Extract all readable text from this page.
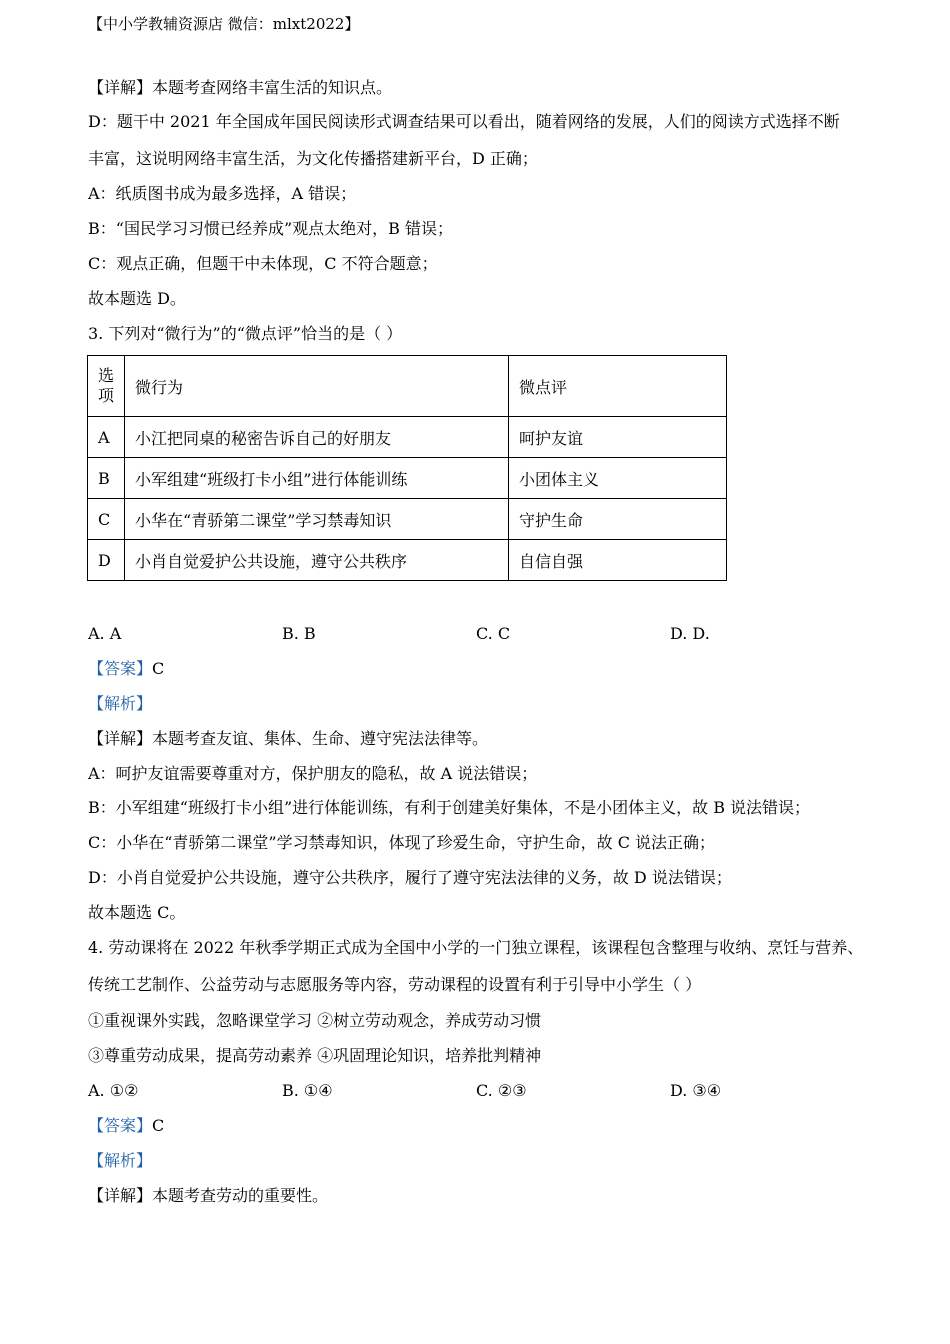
【中小学教辅资源店 微信：mlxt2022】
【详解】本题考查网络丰富生活的知识点。
D：题干中 2021 年全国成年国民阅读形式调查结果可以看出，随着网络的发展，人们的阅读方式选择不断
丰富，这说明网络丰富生活，为文化传播搭建新平台，D 正确；
A：纸质图书成为最多选择，A 错误；
B：“国民学习习惯已经养成”观点太绝对，B 错误；
C：观点正确，但题干中未体现，C 不符合题意；
故本题选 D。
3. 下列对“微行为”的“微点评”恰当的是（ ）
选项	微行为	微点评
A	小江把同桌的秘密告诉自己的好朋友	呵护友谊
B	小军组建“班级打卡小组”进行体能训练	小团体主义
C	小华在“青骄第二课堂”学习禁毒知识	守护生命
D	小肖自觉爱护公共设施，遵守公共秩序	自信自强
A. A	B. B	C. C	D. D.
【答案】C
【解析】
【详解】本题考查友谊、集体、生命、遵守宪法法律等。
A：呵护友谊需要尊重对方，保护朋友的隐私，故 A 说法错误；
B：小军组建“班级打卡小组”进行体能训练，有利于创建美好集体，不是小团体主义，故 B 说法错误；
C：小华在“青骄第二课堂”学习禁毒知识，体现了珍爱生命，守护生命，故 C 说法正确；
D：小肖自觉爱护公共设施，遵守公共秩序，履行了遵守宪法法律的义务，故 D 说法错误；
故本题选 C。
4. 劳动课将在 2022 年秋季学期正式成为全国中小学的一门独立课程，该课程包含整理与收纳、烹饪与营养、
传统工艺制作、公益劳动与志愿服务等内容，劳动课程的设置有利于引导中小学生（ ）
①重视课外实践，忽略课堂学习 ②树立劳动观念，养成劳动习惯
③尊重劳动成果，提高劳动素养 ④巩固理论知识，培养批判精神
A. ①②	B. ①④	C. ②③	D. ③④
【答案】C
【解析】
【详解】本题考查劳动的重要性。
